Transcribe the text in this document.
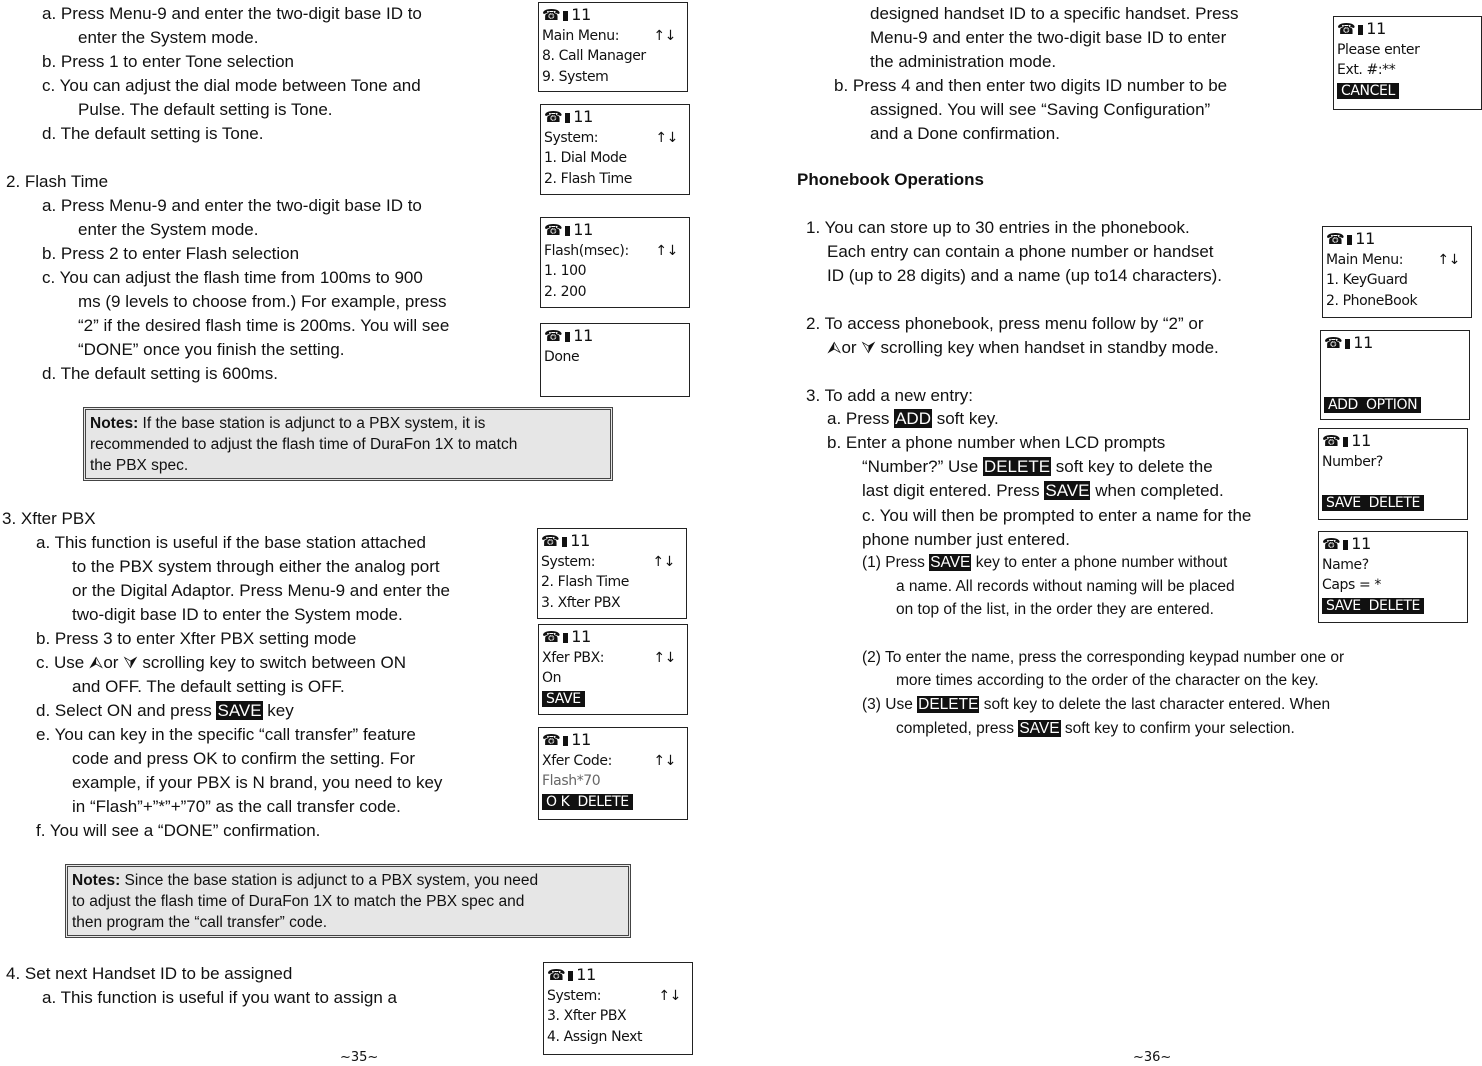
a. Press Menu-9 and enter the two-digit base ID to
enter the System mode.
b. Press 1 to enter Tone selection
c. You can adjust the dial mode between Tone and
Pulse. The default setting is Tone.
d. The default setting is Tone.
2. Flash Time
a. Press Menu-9 and enter the two-digit base ID to
enter the System mode.
b. Press 2 to enter Flash selection
c. You can adjust the flash time from 100ms to 900
ms (9 levels to choose from.) For example, press
“2” if the desired flash time is 200ms. You will see
“DONE” once you finish the setting.
d. The default setting is 600ms.
3. Xfter PBX
a. This function is useful if the base station attached
to the PBX system through either the analog port
or the Digital Adaptor. Press Menu-9 and enter the
two-digit base ID to enter the System mode.
b. Press 3 to enter Xfter PBX setting mode
c. Use ⮙or ⮛ scrolling key to switch between ON
and OFF. The default setting is OFF.
e. You can key in the specific “call transfer” feature
code and press OK to confirm the setting. For
example, if your PBX is N brand, you need to key
in “Flash”+”*”+”70” as the call transfer code.
f. You will see a “DONE” confirmation.
4. Set next Handset ID to be assigned
a. This function is useful if you want to assign a
d. Select ON and press SAVE key
Notes: If the base station is adjunct to a PBX system, it is
recommended to adjust the flash time of DuraFon 1X to match
the PBX spec.
Notes: Since the base station is adjunct to a PBX system, you need
to adjust the flash time of DuraFon 1X to match the PBX spec and
then program the “call transfer” code.
~35~	~36~
designed handset ID to a specific handset. Press
Menu-9 and enter the two-digit base ID to enter
the administration mode.
b. Press 4 and then enter two digits ID number to be
assigned. You will see “Saving Configuration”
and a Done confirmation.
1. You can store up to 30 entries in the phonebook.
Each entry can contain a phone number or handset
ID (up to 28 digits) and a name (up to14 characters).
2. To access phonebook, press menu follow by “2” or
⮙or ⮛ scrolling key when handset in standby mode.
3. To add a new entry:
c. You will then be prompted to enter a name for the
phone number just entered.
Phonebook Operations
a. Press ADD soft key.
b. Enter a phone number when LCD prompts
“Number?” Use DELETE soft key to delete the
last digit entered. Press SAVE when completed.
(1) Press SAVE key to enter a phone number without
a name. All records without naming will be placed
on top of the list, in the order they are entered.
(2) To enter the name, press the corresponding keypad number one or
more times according to the order of the character on the key.
(3) Use DELETE soft key to delete the last character entered. When
completed, press SAVE soft key to confirm your selection.
☎ 11
Main Menu: ↑↓
8. Call Manager
9. System
☎ 11
System:	↑↓
1. Dial Mode
2. Flash Time
☎ 11
Flash(msec): ↑↓
1. 100
2. 200
☎ 11
Done
☎ 11
System:	↑↓
2. Flash Time
3. Xfter PBX
☎ 11
Xfer PBX:	↑↓
On
SAVE
☎ 11
Xfer Code:	↑↓
Flash*70
O K DELETE
☎ 11
System:	↑↓
3. Xfter PBX
4. Assign Next
☎ 11
Please enter
Ext. #:**
CANCEL
☎ 11
Main Menu: ↑↓
1. KeyGuard
2. PhoneBook
☎ 11
ADD OPTION
☎ 11
Number?
SAVE DELETE
☎ 11
Name?
Caps = *
SAVE DELETE
